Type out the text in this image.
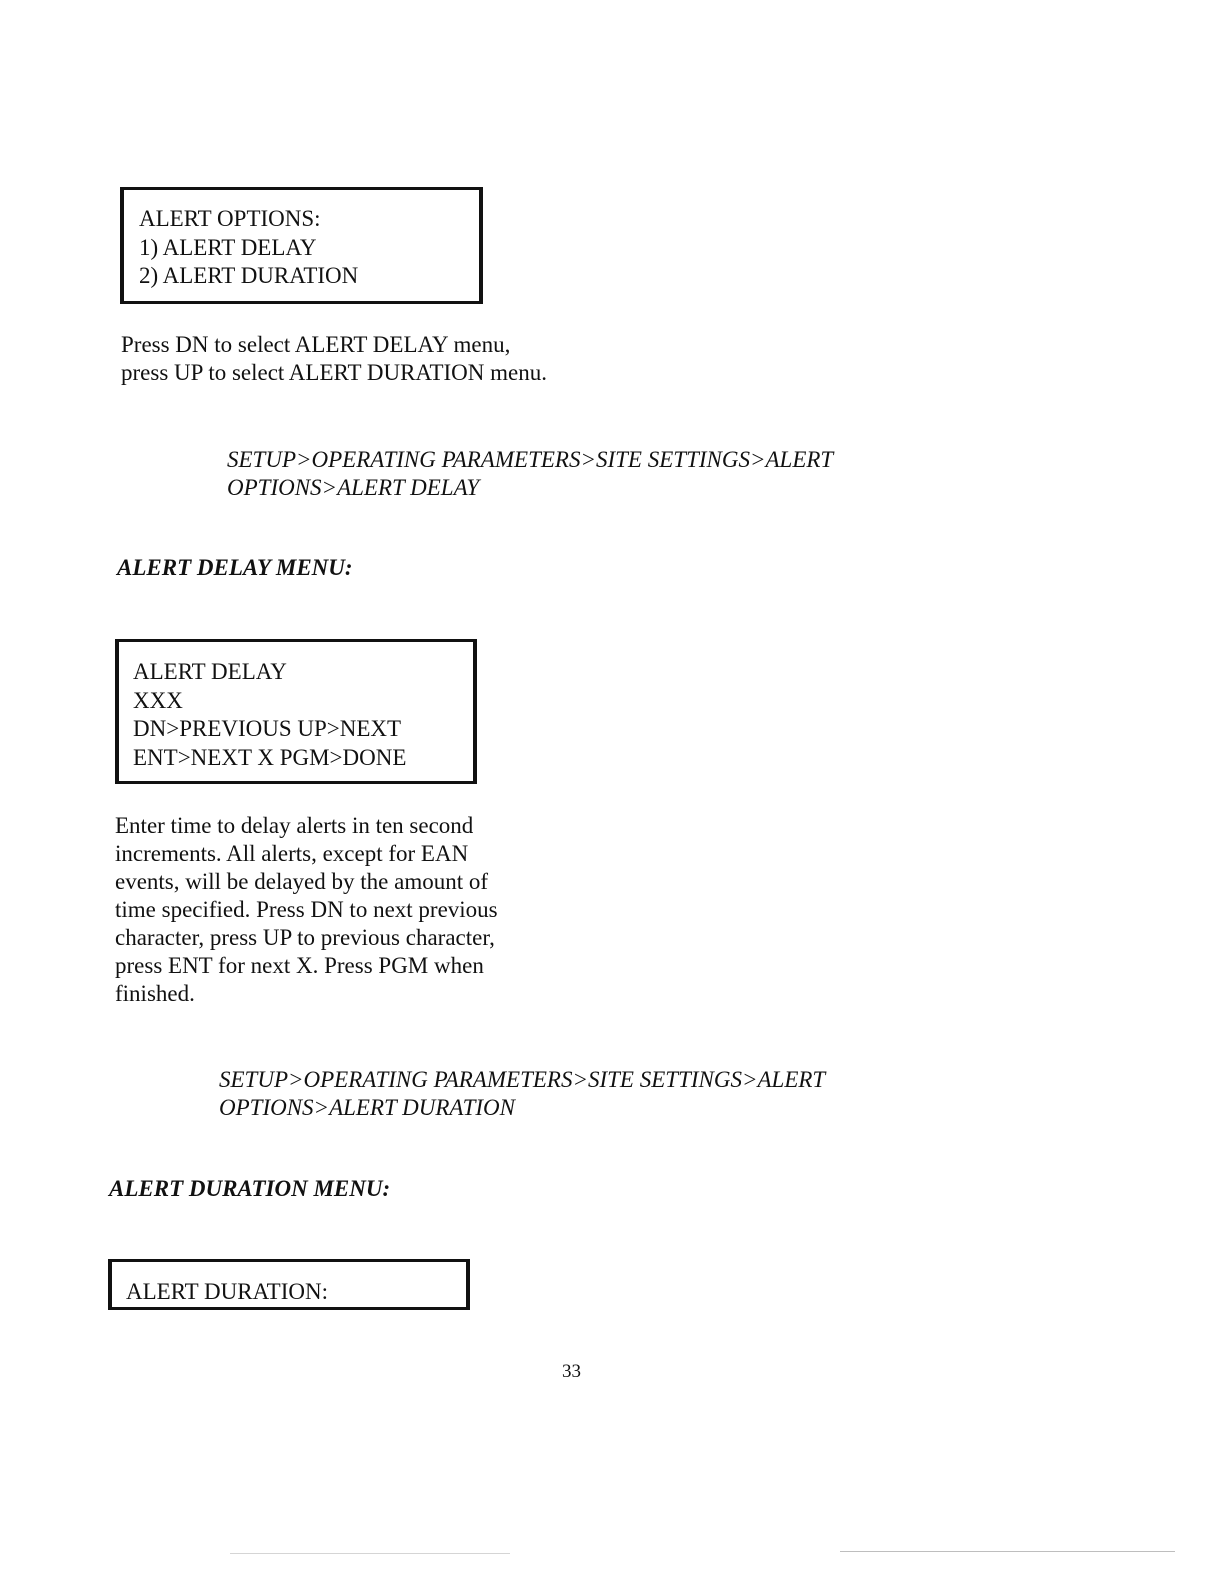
ALERT OPTIONS:
1) ALERT DELAY
2) ALERT DURATION
Press DN to select ALERT DELAY menu,
press UP to select ALERT DURATION menu.
SETUP>OPERATING PARAMETERS>SITE SETTINGS>ALERT
OPTIONS>ALERT DELAY
ALERT DELAY MENU:
ALERT DELAY
XXX
DN>PREVIOUS UP>NEXT
ENT>NEXT X PGM>DONE
Enter time to delay alerts in ten second
increments. All alerts, except for EAN
events, will be delayed by the amount of
time specified. Press DN to next previous
character, press UP to previous character,
press ENT for next X. Press PGM when
finished.
SETUP>OPERATING PARAMETERS>SITE SETTINGS>ALERT
OPTIONS>ALERT DURATION
ALERT DURATION MENU:
ALERT DURATION:
33
